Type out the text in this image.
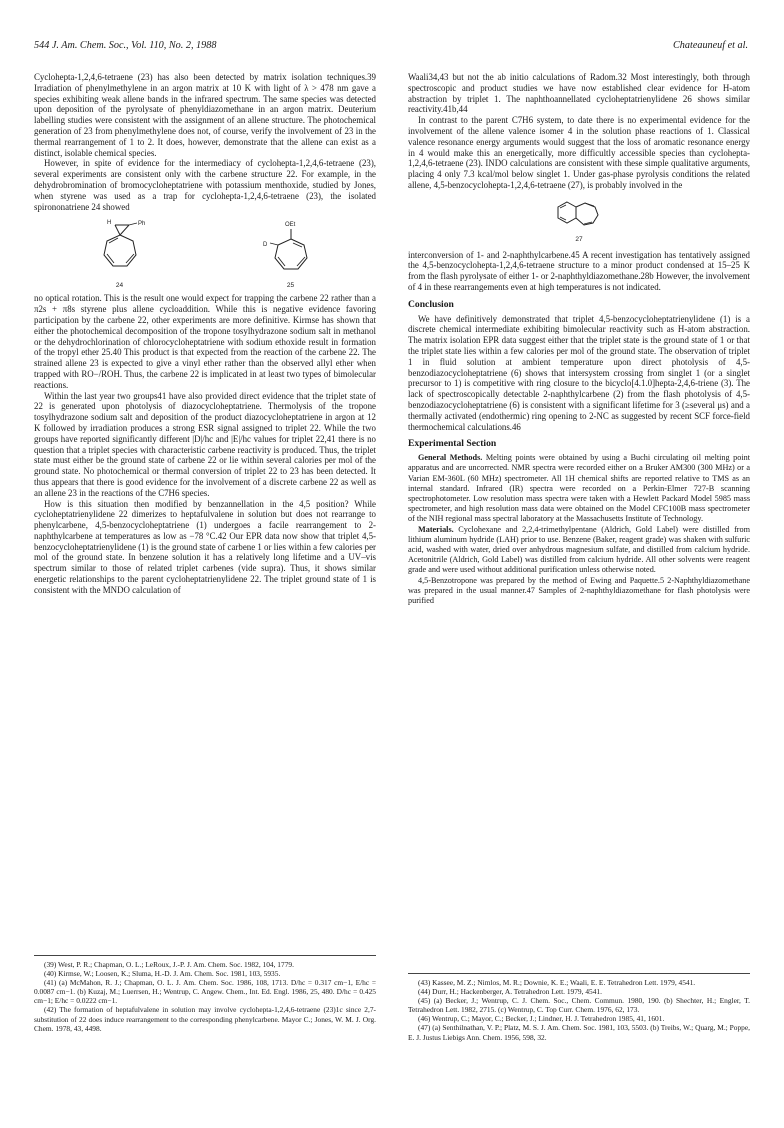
544 J. Am. Chem. Soc., Vol. 110, No. 2, 1988	Chateauneuf et al.

Cyclohepta-1,2,4,6-tetraene (23) has also been detected by matrix isolation techniques.39 Irradiation of phenylmethylene in an argon matrix at 10 K with light of λ > 478 nm gave a species exhibiting weak allene bands in the infrared spectrum. The same species was detected upon deposition of the pyrolysate of phenyldiazomethane in an argon matrix. Deuterium labelling studies were consistent with the assignment of an allene structure. The photochemical generation of 23 from phenylmethylene does not, of course, verify the involvement of 23 in the thermal rearrangement of 1 to 2. It does, however, demonstrate that the allene can exist as a distinct, isolable chemical species.

However, in spite of evidence for the intermediacy of cyclohepta-1,2,4,6-tetraene (23), several experiments are consistent only with the carbene structure 22. For example, in the dehydrobromination of bromocycloheptatriene with potassium menthoxide, studied by Jones, when styrene was used as a trap for cyclohepta-1,2,4,6-tetraene (23), the isolated spirononatriene 24 showed

H	Ph
24
OEt
D
25

no optical rotation. This is the result one would expect for trapping the carbene 22 rather than a π2s + π8s styrene plus allene cycloaddition. While this is negative evidence favoring participation by the carbene 22, other experiments are more definitive. Kirmse has shown that either the photochemical decomposition of the tropone tosylhydrazone sodium salt in methanol or the dehydrochlorination of chlorocycloheptatriene with sodium ethoxide result in formation of the tropyl ether 25.40 This product is that expected from the reaction of the carbene 22. The strained allene 23 is expected to give a vinyl ether rather than the observed allyl ether when trapped with RO−/ROH. Thus, the carbene 22 is implicated in at least two types of bimolecular reactions.

Within the last year two groups41 have also provided direct evidence that the triplet state of 22 is generated upon photolysis of diazocycloheptatriene. Thermolysis of the tropone tosylhydrazone sodium salt and deposition of the product diazocycloheptatriene in argon at 12 K followed by irradiation produces a strong ESR signal assigned to triplet 22. While the two groups have reported significantly different |D|/hc and |E|/hc values for triplet 22,41 there is no question that a triplet species with characteristic carbene reactivity is produced. Thus, the triplet state must either be the ground state of carbene 22 or lie within several calories per mol of the ground state. No photochemical or thermal conversion of triplet 22 to 23 has been detected. It thus appears that there is good evidence for the involvement of a discrete carbene 22 as well as an allene 23 in the reactions of the C7H6 species.

How is this situation then modified by benzannellation in the 4,5 position? While cycloheptatrienylidene 22 dimerizes to heptafulvalene in solution but does not rearrange to phenylcarbene, 4,5-benzocycloheptatriene (1) undergoes a facile rearrangement to 2-naphthylcarbene at temperatures as low as −78 °C.42 Our EPR data now show that triplet 4,5-benzocycloheptatrienylidene (1) is the ground state of carbene 1 or lies within a few calories per mol of the ground state. In benzene solution it has a relatively long lifetime and a UV–vis spectrum similar to those of related triplet carbenes (vide supra). Thus, it shows similar energetic relationships to the parent cycloheptatrienylidene 22. The triplet ground state of 1 is consistent with the MNDO calculation of

Waali34,43 but not the ab initio calculations of Radom.32 Most interestingly, both through spectroscopic and product studies we have now established clear evidence for H-atom abstraction by triplet 1. The naphthoannellated cycloheptatrienylidene 26 shows similar reactivity.41b,44

In contrast to the parent C7H6 system, to date there is no experimental evidence for the involvement of the allene valence isomer 4 in the solution phase reactions of 1. Classical valence resonance energy arguments would suggest that the loss of aromatic resonance energy in 4 would make this an energetically, more difficultly accessible species than cyclohepta-1,2,4,6-tetraene (23). INDO calculations are consistent with these simple qualitative arguments, placing 4 only 7.3 kcal/mol below singlet 1. Under gas-phase pyrolysis conditions the related allene, 4,5-benzocyclohepta-1,2,4,6-tetraene (27), is probably involved in the

27

interconversion of 1- and 2-naphthylcarbene.45 A recent investigation has tentatively assigned the 4,5-benzocyclohepta-1,2,4,6-tetraene structure to a minor product condensed at 15–25 K from the flash pyrolysate of either 1- or 2-naphthyldiazomethane.28b However, the involvement of 4 in these rearrangements even at high temperatures is not indicated.

Conclusion

We have definitively demonstrated that triplet 4,5-benzocycloheptatrienylidene (1) is a discrete chemical intermediate exhibiting bimolecular reactivity such as H-atom abstraction. The matrix isolation EPR data suggest either that the triplet state is the ground state of 1 or that the triplet state lies within a few calories per mol of the ground state. The observation of triplet 1 in fluid solution at ambient temperature upon direct photolysis of 4,5-benzodiazocycloheptatriene (6) shows that intersystem crossing from singlet 1 (or a singlet precursor to 1) is competitive with ring closure to the bicyclo[4.1.0]hepta-2,4,6-triene (3). The lack of spectroscopically detectable 2-naphthylcarbene (2) from the flash photolysis of 4,5-benzodiazocycloheptatriene (6) is consistent with a significant lifetime for 3 (≥several μs) and a thermally activated (endothermic) ring opening to 2-NC as suggested by recent SCF force-field thermochemical calculations.46

Experimental Section

General Methods. Melting points were obtained by using a Buchi circulating oil melting point apparatus and are uncorrected. NMR spectra were recorded either on a Bruker AM300 (300 MHz) or a Varian EM-360L (60 MHz) spectrometer. All 1H chemical shifts are reported relative to TMS as an internal standard. Infrared (IR) spectra were recorded on a Perkin-Elmer 727-B scanning spectrophotometer. Low resolution mass spectra were taken with a Hewlett Packard Model 5985 mass spectrometer, and high resolution mass data were obtained on the Model CFC100B mass spectrometer of the NIH regional mass spectral laboratory at the Massachusetts Institute of Technology.

Materials. Cyclohexane and 2,2,4-trimethylpentane (Aldrich, Gold Label) were distilled from lithium aluminum hydride (LAH) prior to use. Benzene (Baker, reagent grade) was shaken with sulfuric acid, washed with water, dried over anhydrous magnesium sulfate, and distilled from calcium hydride. Acetonitrile (Aldrich, Gold Label) was distilled from calcium hydride. All other solvents were reagent grade and were used without additional purification unless otherwise noted.

4,5-Benzotropone was prepared by the method of Ewing and Paquette.5 2-Naphthyldiazomethane was prepared in the usual manner.47 Samples of 2-naphthyldiazomethane for flash photolysis were purified

(39) West, P. R.; Chapman, O. L.; LeRoux, J.-P. J. Am. Chem. Soc. 1982, 104, 1779.

(40) Kirmse, W.; Loosen, K.; Sluma, H.-D. J. Am. Chem. Soc. 1981, 103, 5935.

(41) (a) McMahon, R. J.; Chapman, O. L. J. Am. Chem. Soc. 1986, 108, 1713. D/hc = 0.317 cm−1, E/hc = 0.0087 cm−1. (b) Kuzaj, M.; Luerrsen, H.; Wentrup, C. Angew. Chem., Int. Ed. Engl. 1986, 25, 480. D/hc = 0.425 cm−1; E/hc = 0.0222 cm−1.

(42) The formation of heptafulvalene in solution may involve cyclohepta-1,2,4,6-tetraene (23)1c since 2,7-substitution of 22 does induce rearrangement to the corresponding phenylcarbene. Mayor C.; Jones, W. M. J. Org. Chem. 1978, 43, 4498.

(43) Kassee, M. Z.; Nimlos, M. R.; Downie, K. E.; Waali, E. E. Tetrahedron Lett. 1979, 4541.

(44) Durr, H.; Hackenberger, A. Tetrahedron Lett. 1979, 4541.

(45) (a) Becker, J.; Wentrup, C. J. Chem. Soc., Chem. Commun. 1980, 190. (b) Shechter, H.; Engler, T. Tetrahedron Lett. 1982, 2715. (c) Wentrup, C. Top Curr. Chem. 1976, 62, 173.

(46) Wentrup, C.; Mayor, C.; Becker, J.; Lindner, H. J. Tetrahedron 1985, 41, 1601.

(47) (a) Senthilnathan, V. P.; Platz, M. S. J. Am. Chem. Soc. 1981, 103, 5503. (b) Treibs, W.; Quarg, M.; Poppe, E. J. Justus Liebigs Ann. Chem. 1956, 598, 32.
